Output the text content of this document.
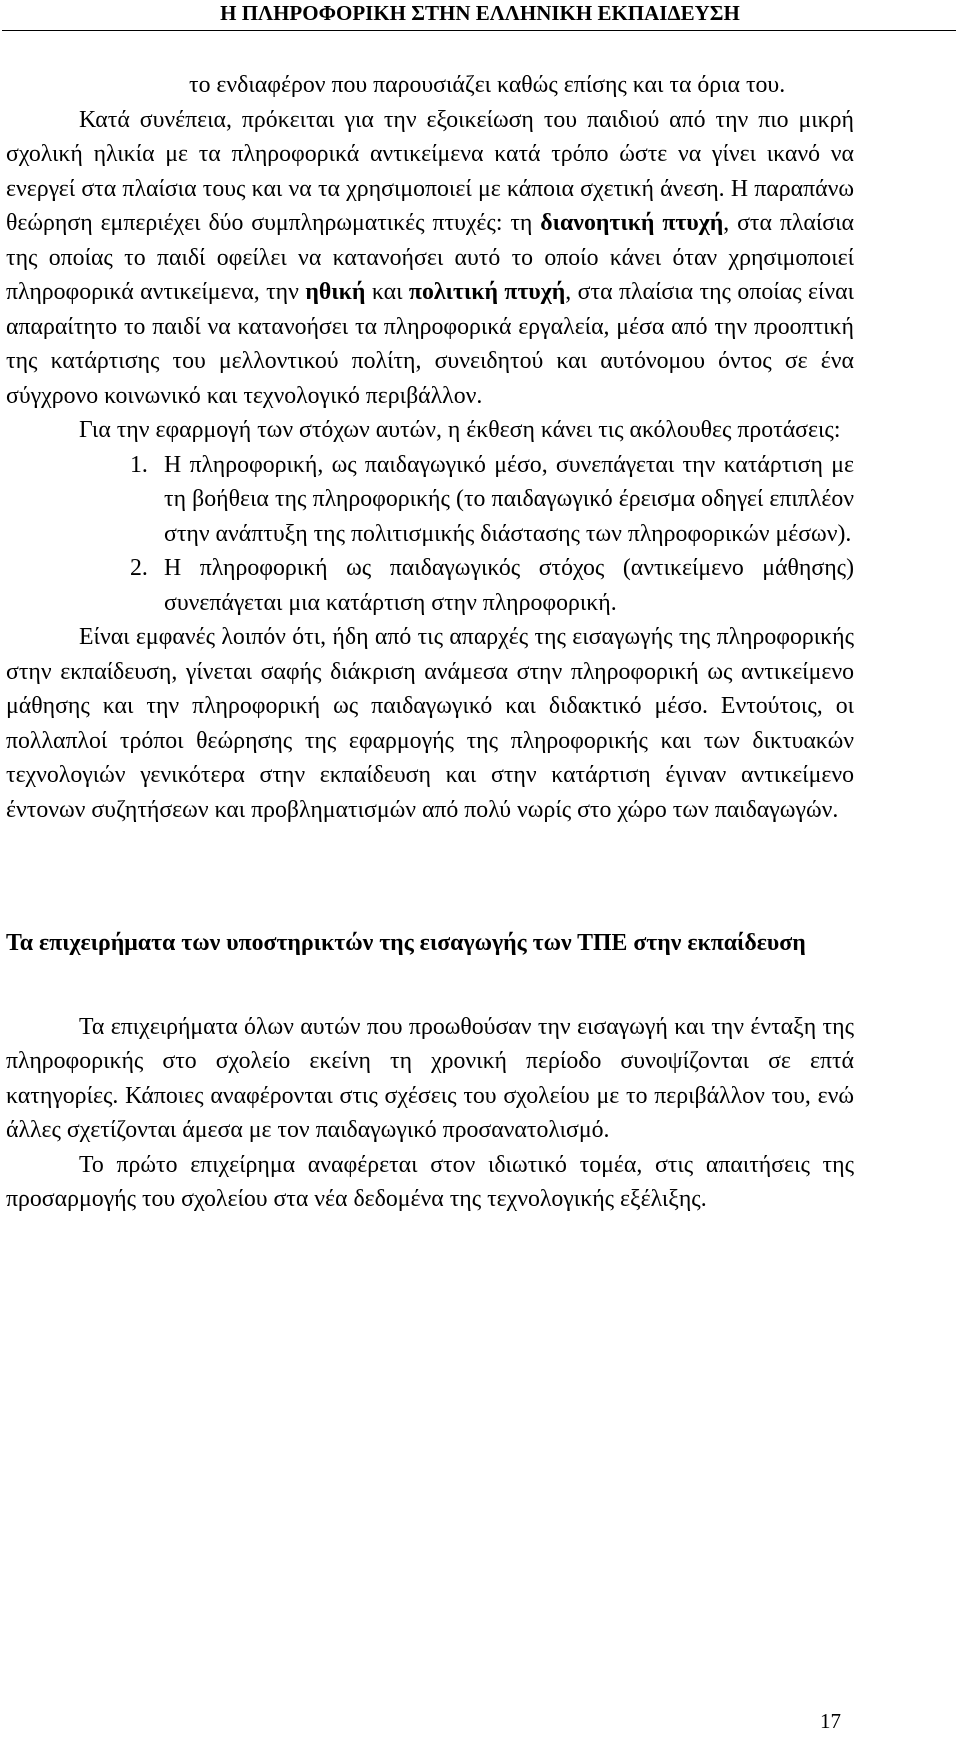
Η ΠΛΗΡΟΦΟΡΙΚΗ ΣΤΗΝ ΕΛΛΗΝΙΚΗ ΕΚΠΑΙΔΕΥΣΗ

το ενδιαφέρον που παρουσιάζει καθώς επίσης και τα όρια του.

Κατά συνέπεια, πρόκειται για την εξοικείωση του παιδιού από την πιο μικρή σχολική ηλικία με τα πληροφορικά αντικείμενα κατά τρόπο ώστε να γίνει ικανό να ενεργεί στα πλαίσια τους και να τα χρησιμοποιεί με κάποια σχετική άνεση. Η παραπάνω θεώρηση εμπεριέχει δύο συμπληρωματικές πτυχές: τη διανοητική πτυχή, στα πλαίσια της οποίας το παιδί οφείλει να κατανοήσει αυτό το οποίο κάνει όταν χρησιμοποιεί πληροφορικά αντικείμενα, την ηθική και πολιτική πτυχή, στα πλαίσια της οποίας είναι απαραίτητο το παιδί να κατανοήσει τα πληροφορικά εργαλεία, μέσα από την προοπτική της κατάρτισης του μελλοντικού πολίτη, συνειδητού και αυτόνομου όντος σε ένα σύγχρονο κοινωνικό και τεχνολογικό περιβάλλον.

Για την εφαρμογή των στόχων αυτών, η έκθεση κάνει τις ακόλουθες προτάσεις:

1. Η πληροφορική, ως παιδαγωγικό μέσο, συνεπάγεται την κατάρτιση με τη βοήθεια της πληροφορικής (το παιδαγωγικό έρεισμα οδηγεί επιπλέον στην ανάπτυξη της πολιτισμικής διάστασης των πληροφορικών μέσων).
2. Η πληροφορική ως παιδαγωγικός στόχος (αντικείμενο μάθησης) συνεπάγεται μια κατάρτιση στην πληροφορική.

Είναι εμφανές λοιπόν ότι, ήδη από τις απαρχές της εισαγωγής της πληροφορικής στην εκπαίδευση, γίνεται σαφής διάκριση ανάμεσα στην πληροφορική ως αντικείμενο μάθησης και την πληροφορική ως παιδαγωγικό και διδακτικό μέσο. Εντούτοις, οι πολλαπλοί τρόποι θεώρησης της εφαρμογής της πληροφορικής και των δικτυακών τεχνολογιών γενικότερα στην εκπαίδευση και στην κατάρτιση έγιναν αντικείμενο έντονων συζητήσεων και προβληματισμών από πολύ νωρίς στο χώρο των παιδαγωγών.

Τα επιχειρήματα των υποστηρικτών της εισαγωγής των ΤΠΕ στην εκπαίδευση

Τα επιχειρήματα όλων αυτών που προωθούσαν την εισαγωγή και την ένταξη της πληροφορικής στο σχολείο εκείνη τη χρονική περίοδο συνοψίζονται σε επτά κατηγορίες. Κάποιες αναφέρονται στις σχέσεις του σχολείου με το περιβάλλον του, ενώ άλλες σχετίζονται άμεσα με τον παιδαγωγικό προσανατολισμό.

Το πρώτο επιχείρημα αναφέρεται στον ιδιωτικό τομέα, στις απαιτήσεις της προσαρμογής του σχολείου στα νέα δεδομένα της τεχνολογικής εξέλιξης.

17
